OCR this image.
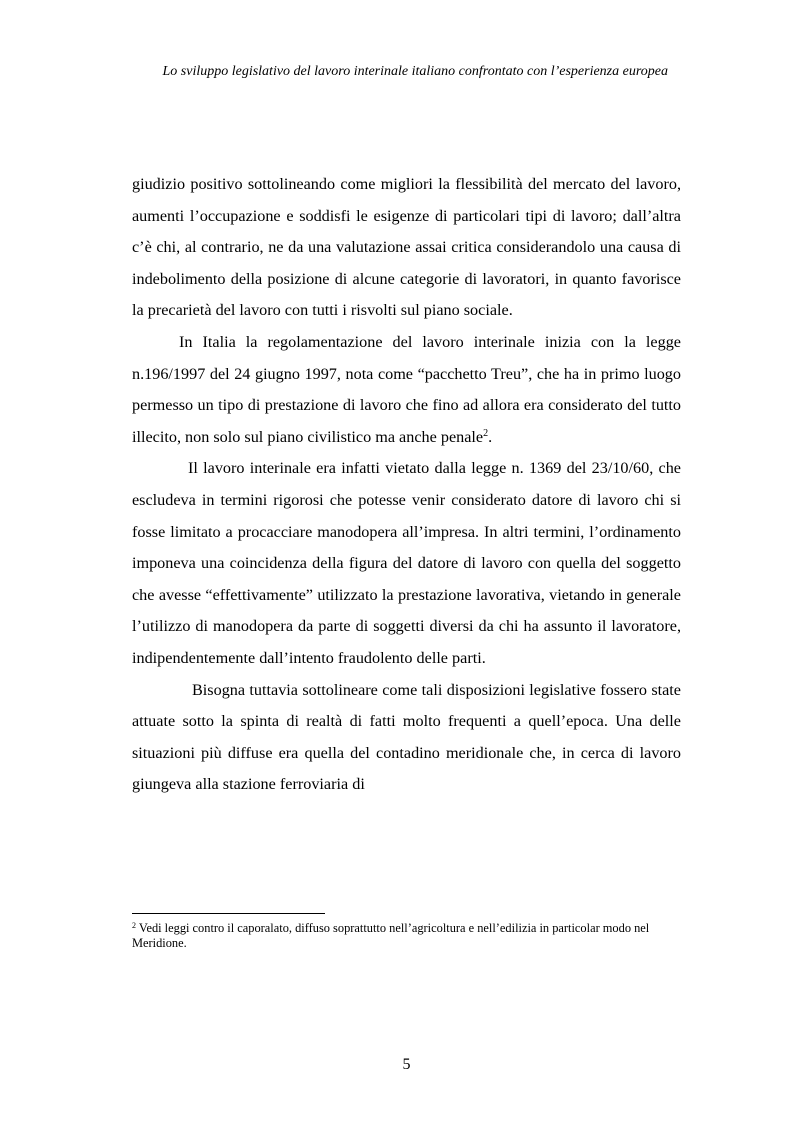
Lo sviluppo legislativo del lavoro interinale italiano confrontato con l’esperienza europea

giudizio positivo sottolineando come migliori la flessibilità del mercato del lavoro, aumenti l’occupazione e soddisfi le esigenze di particolari tipi di lavoro; dall’altra c’è chi, al contrario, ne da una valutazione assai critica considerandolo una causa di indebolimento della posizione di alcune categorie di lavoratori, in quanto favorisce la precarietà del lavoro con tutti i risvolti sul piano sociale.

In Italia la regolamentazione del lavoro interinale inizia con la legge n.196/1997 del 24 giugno 1997, nota come “pacchetto Treu”, che ha in primo luogo permesso un tipo di prestazione di lavoro che fino ad allora era considerato del tutto illecito, non solo sul piano civilistico ma anche penale$^2$.

Il lavoro interinale era infatti vietato dalla legge n. 1369 del 23/10/60, che escludeva in termini rigorosi che potesse venir considerato datore di lavoro chi si fosse limitato a procacciare manodopera all’impresa. In altri termini, l’ordinamento imponeva una coincidenza della figura del datore di lavoro con quella del soggetto che avesse “effettivamente” utilizzato la prestazione lavorativa, vietando in generale l’utilizzo di manodopera da parte di soggetti diversi da chi ha assunto il lavoratore, indipendentemente dall’intento fraudolento delle parti.

Bisogna tuttavia sottolineare come tali disposizioni legislative fossero state attuate sotto la spinta di realtà di fatti molto frequenti a quell’epoca. Una delle situazioni più diffuse era quella del contadino meridionale che, in cerca di lavoro giungeva alla stazione ferroviaria di

$^2$ Vedi leggi contro il caporalato, diffuso soprattutto nell’agricoltura e nell’edilizia in particolar modo nel Meridione.
5
